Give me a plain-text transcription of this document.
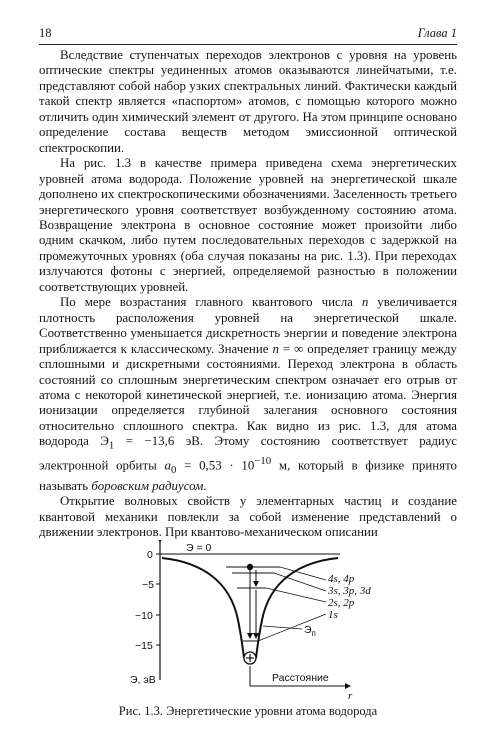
18	Глава 1

Вследствие ступенчатых переходов электронов с уровня на уровень оптические спектры уединенных атомов оказываются линейчатыми, т.е. представляют собой набор узких спектральных линий. Фактически каждый такой спектр является «паспортом» атомов, с помощью которого можно отличить один химический элемент от другого. На этом принципе основано определение состава веществ методом эмиссионной оптической спектроскопии.

На рис. 1.3 в качестве примера приведена схема энергетических уровней атома водорода. Положение уровней на энергетической шкале дополнено их спектроскопическими обозначениями. Заселенность третьего энергетического уровня соответствует возбужденному состоянию атома. Возвращение электрона в основное состояние может произойти либо одним скачком, либо путем последовательных переходов с задержкой на промежуточных уровнях (оба случая показаны на рис. 1.3). При переходах излучаются фотоны с энергией, определяемой разностью в положении соответствующих уровней.

По мере возрастания главного квантового числа n увеличивается плотность расположения уровней на энергетической шкале. Соответственно уменьшается дискретность энергии и поведение электрона приближается к классическому. Значение n = ∞ определяет границу между сплошными и дискретными состояниями. Переход электрона в область состояний со сплошным энергетическим спектром означает его отрыв от атома с некоторой кинетической энергией, т.е. ионизацию атома. Энергия ионизации определяется глубиной залегания основного состояния относительно сплошного спектра. Как видно из рис. 1.3, для атома водорода $Э_1 = -13,6$ эВ. Этому состоянию соответствует радиус электронной орбиты $a_0 = 0,53 \cdot 10^{-10}$ м, который в физике принято называть боровским радиусом.

Открытие волновых свойств у элементарных частиц и создание квантовой механики повлекли за собой изменение представлений о движении электронов. При квантово-механическом описании

Э = 0
0
−5
−10
−15
Э, эВ
4s, 4p
3s, 3p, 3d
2s, 2p
1s
$Э_п$
Расстояние
r
Рис. 1.3. Энергетические уровни атома водорода
